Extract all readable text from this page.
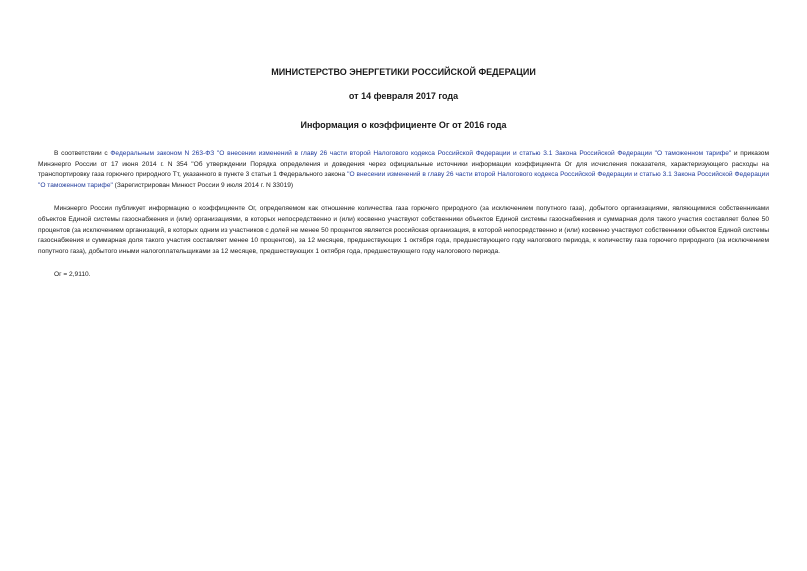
МИНИСТЕРСТВО ЭНЕРГЕТИКИ РОССИЙСКОЙ ФЕДЕРАЦИИ

от 14 февраля 2017 года

Информация о коэффициенте Ог от 2016 года

В соответствии с Федеральным законом N 263-ФЗ "О внесении изменений в главу 26 части второй Налогового кодекса Российской Федерации и статью 3.1 Закона Российской Федерации "О таможенном тарифе" и приказом Минэнерго России от 17 июня 2014 г. N 354 "Об утверждении Порядка определения и доведения через официальные источники информации коэффициента Ог для исчисления показателя, характеризующего расходы на транспортировку газа горючего природного Тт, указанного в пункте 3 статьи 1 Федерального закона "О внесении изменений в главу 26 части второй Налогового кодекса Российской Федерации и статью 3.1 Закона Российской Федерации "О таможенном тарифе" (Зарегистрирован Минюст России 9 июля 2014 г. N 33019)

Минэнерго России публикует информацию о коэффициенте Ог, определяемом как отношение количества газа горючего природного (за исключением попутного газа), добытого организациями, являющимися собственниками объектов Единой системы газоснабжения и (или) организациями, в которых непосредственно и (или) косвенно участвуют собственники объектов Единой системы газоснабжения и суммарная доля такого участия составляет более 50 процентов (за исключением организаций, в которых одним из участников с долей не менее 50 процентов является российская организация, в которой непосредственно и (или) косвенно участвуют собственники объектов Единой системы газоснабжения и суммарная доля такого участия составляет менее 10 процентов), за 12 месяцев, предшествующих 1 октября года, предшествующего году налогового периода, к количеству газа горючего природного (за исключением попутного газа), добытого иными налогоплательщиками за 12 месяцев, предшествующих 1 октября года, предшествующего году налогового периода.

Ог = 2,9110.
